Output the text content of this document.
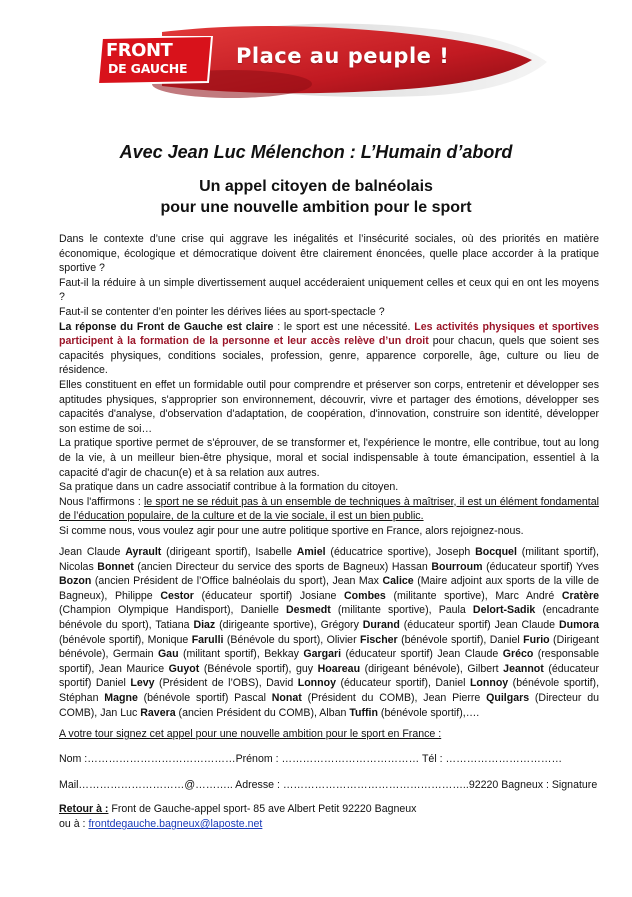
FRONT
DE GAUCHE
Place au peuple !
Avec Jean Luc Mélenchon : L’Humain d’abord
Un appel citoyen de balnéolais
pour une nouvelle ambition pour le sport

Dans le contexte d’une crise qui aggrave les inégalités et l’insécurité sociales, où des priorités en matière économique, écologique et démocratique doivent être clairement énoncées, quelle place accorder à la pratique sportive ?

Faut-il la réduire à un simple divertissement auquel accéderaient uniquement celles et ceux qui en ont les moyens ?

Faut-il se contenter d’en pointer les dérives liées au sport-spectacle ?

La réponse du Front de Gauche est claire : le sport est une nécessité. Les activités physiques et sportives participent à la formation de la personne et leur accès relève d’un droit pour chacun, quels que soient ses capacités physiques, conditions sociales, profession, genre, apparence corporelle, âge, culture ou lieu de résidence.

Elles constituent en effet un formidable outil pour comprendre et préserver son corps, entretenir et développer ses aptitudes physiques, s'approprier son environnement, découvrir, vivre et partager des émotions, développer ses capacités d'analyse, d'observation d'adaptation, de coopération, d'innovation, construire son identité, développer son estime de soi…

La pratique sportive permet de s'éprouver, de se transformer et, l'expérience le montre, elle contribue, tout au long de la vie, à un meilleur bien-être physique, moral et social indispensable à toute émancipation, essentiel à la capacité d'agir de chacun(e) et à sa relation aux autres.

Sa pratique dans un cadre associatif contribue à la formation du citoyen.

Nous l'affirmons : le sport ne se réduit pas à un ensemble de techniques à maîtriser, il est un élément fondamental de l’éducation populaire, de la culture et de la vie sociale, il est un bien public.

Si comme nous, vous voulez agir pour une autre politique sportive en France, alors rejoignez-nous.

Jean Claude Ayrault (dirigeant sportif), Isabelle Amiel (éducatrice sportive), Joseph Bocquel (militant sportif), Nicolas Bonnet (ancien Directeur du service des sports de Bagneux) Hassan Bourroum (éducateur sportif) Yves Bozon (ancien Président de l’Office balnéolais du sport), Jean Max Calice (Maire adjoint aux sports de la ville de Bagneux), Philippe Cestor (éducateur sportif) Josiane Combes (militante sportive), Marc André Cratère (Champion Olympique Handisport), Danielle Desmedt (militante sportive), Paula Delort-Sadik (encadrante bénévole du sport), Tatiana Diaz (dirigeante sportive), Grégory Durand (éducateur sportif) Jean Claude Dumora (bénévole sportif), Monique Farulli (Bénévole du sport), Olivier Fischer (bénévole sportif), Daniel Furio (Dirigeant bénévole), Germain Gau (militant sportif), Bekkay Gargari (éducateur sportif) Jean Claude Gréco (responsable sportif), Jean Maurice Guyot (Bénévole sportif), guy Hoareau (dirigeant bénévole), Gilbert Jeannot (éducateur sportif) Daniel Levy (Président de l’OBS), David Lonnoy (éducateur sportif), Daniel Lonnoy (bénévole sportif), Stéphan Magne (bénévole sportif) Pascal Nonat (Président du COMB), Jean Pierre Quilgars (Directeur du COMB), Jan Luc Ravera (ancien Président du COMB), Alban Tuffin (bénévole sportif),….
A votre tour signez cet appel pour une nouvelle ambition pour le sport en France :
Nom :……………………………………Prénom : ………………………………… Tél : ……………………………
Mail…………………………@……….. Adresse : ……………………………………………..92220 Bagneux : Signature
Retour à : Front de Gauche-appel sport- 85 ave Albert Petit 92220 Bagneux
ou à : frontdegauche.bagneux@laposte.net
